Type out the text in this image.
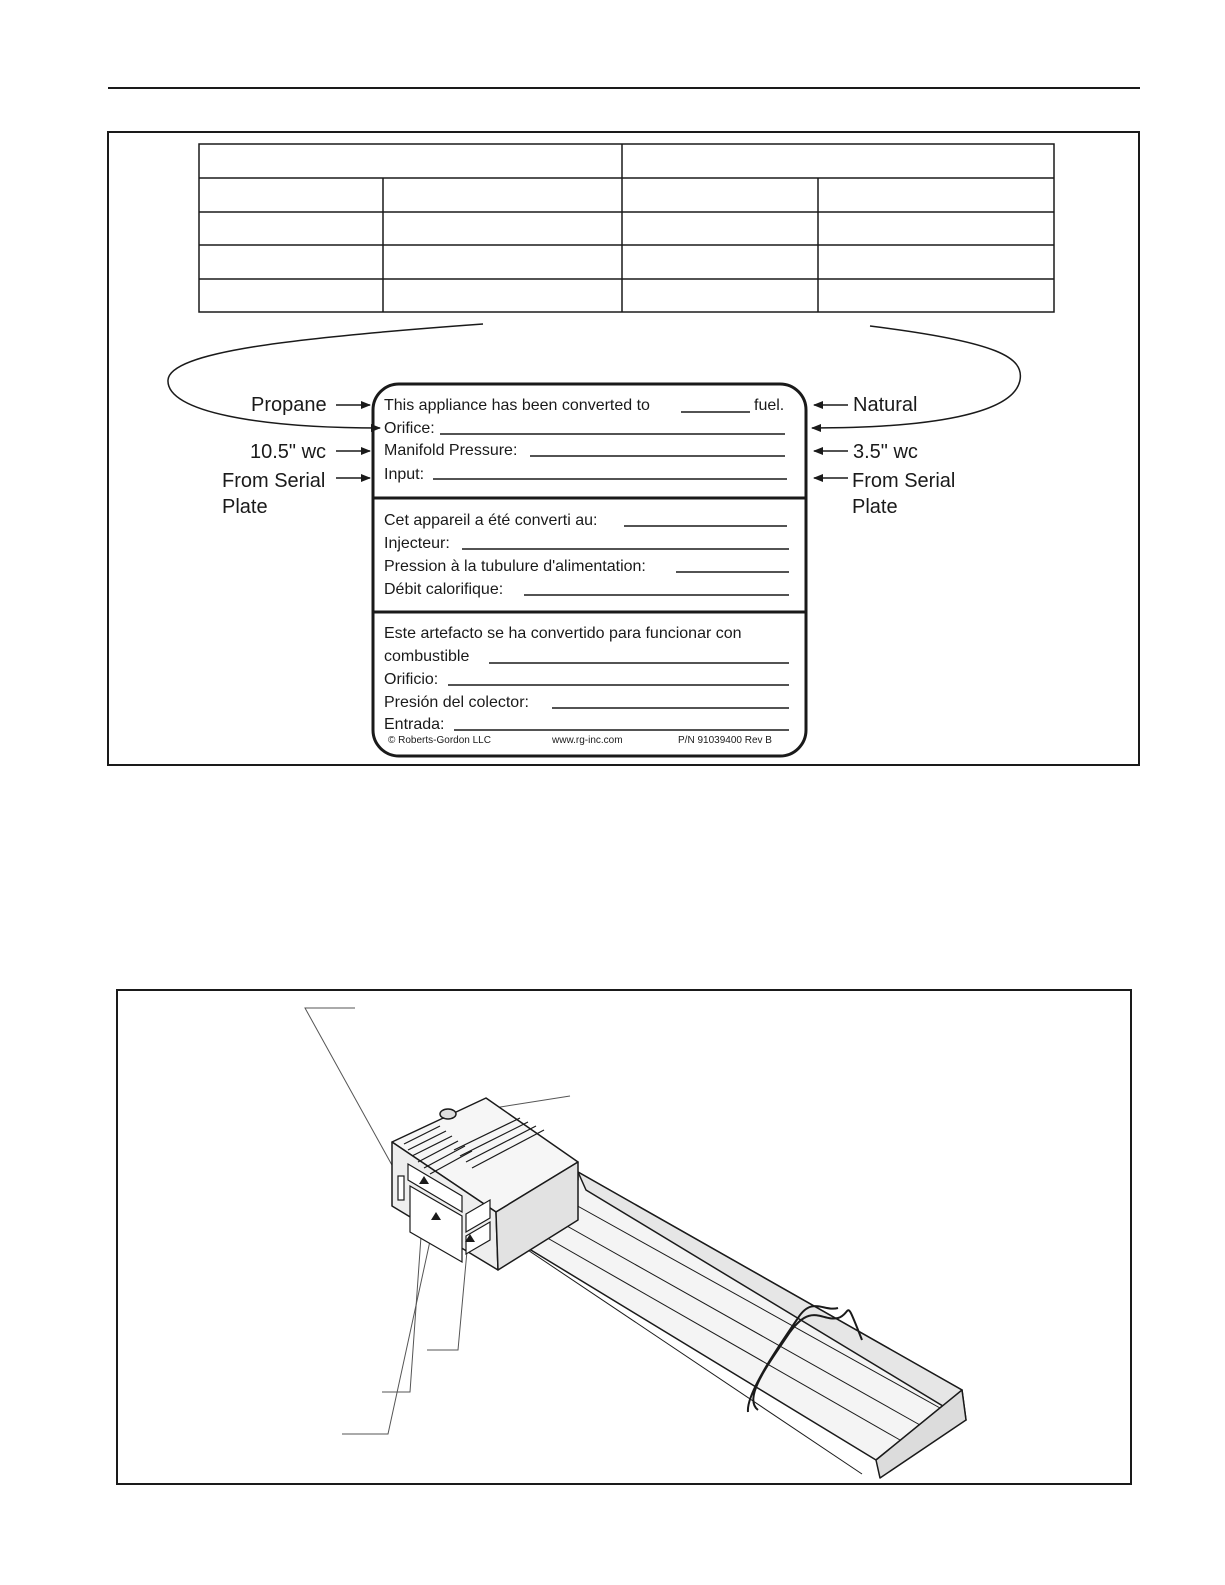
Propane
10.5" wc
From Serial
Plate
Natural
3.5" wc
From Serial
Plate
This appliance has been converted to	fuel.
Orifice:
Manifold Pressure:
Input:
Cet appareil a été converti au:
Injecteur:
Pression à la tubulure d'alimentation:
Débit calorifique:
Este artefacto se ha convertido para funcionar con
combustible
Orificio:
Presión del colector:
Entrada:
© Roberts-Gordon LLC	www.rg-inc.com	P/N 91039400 Rev B
